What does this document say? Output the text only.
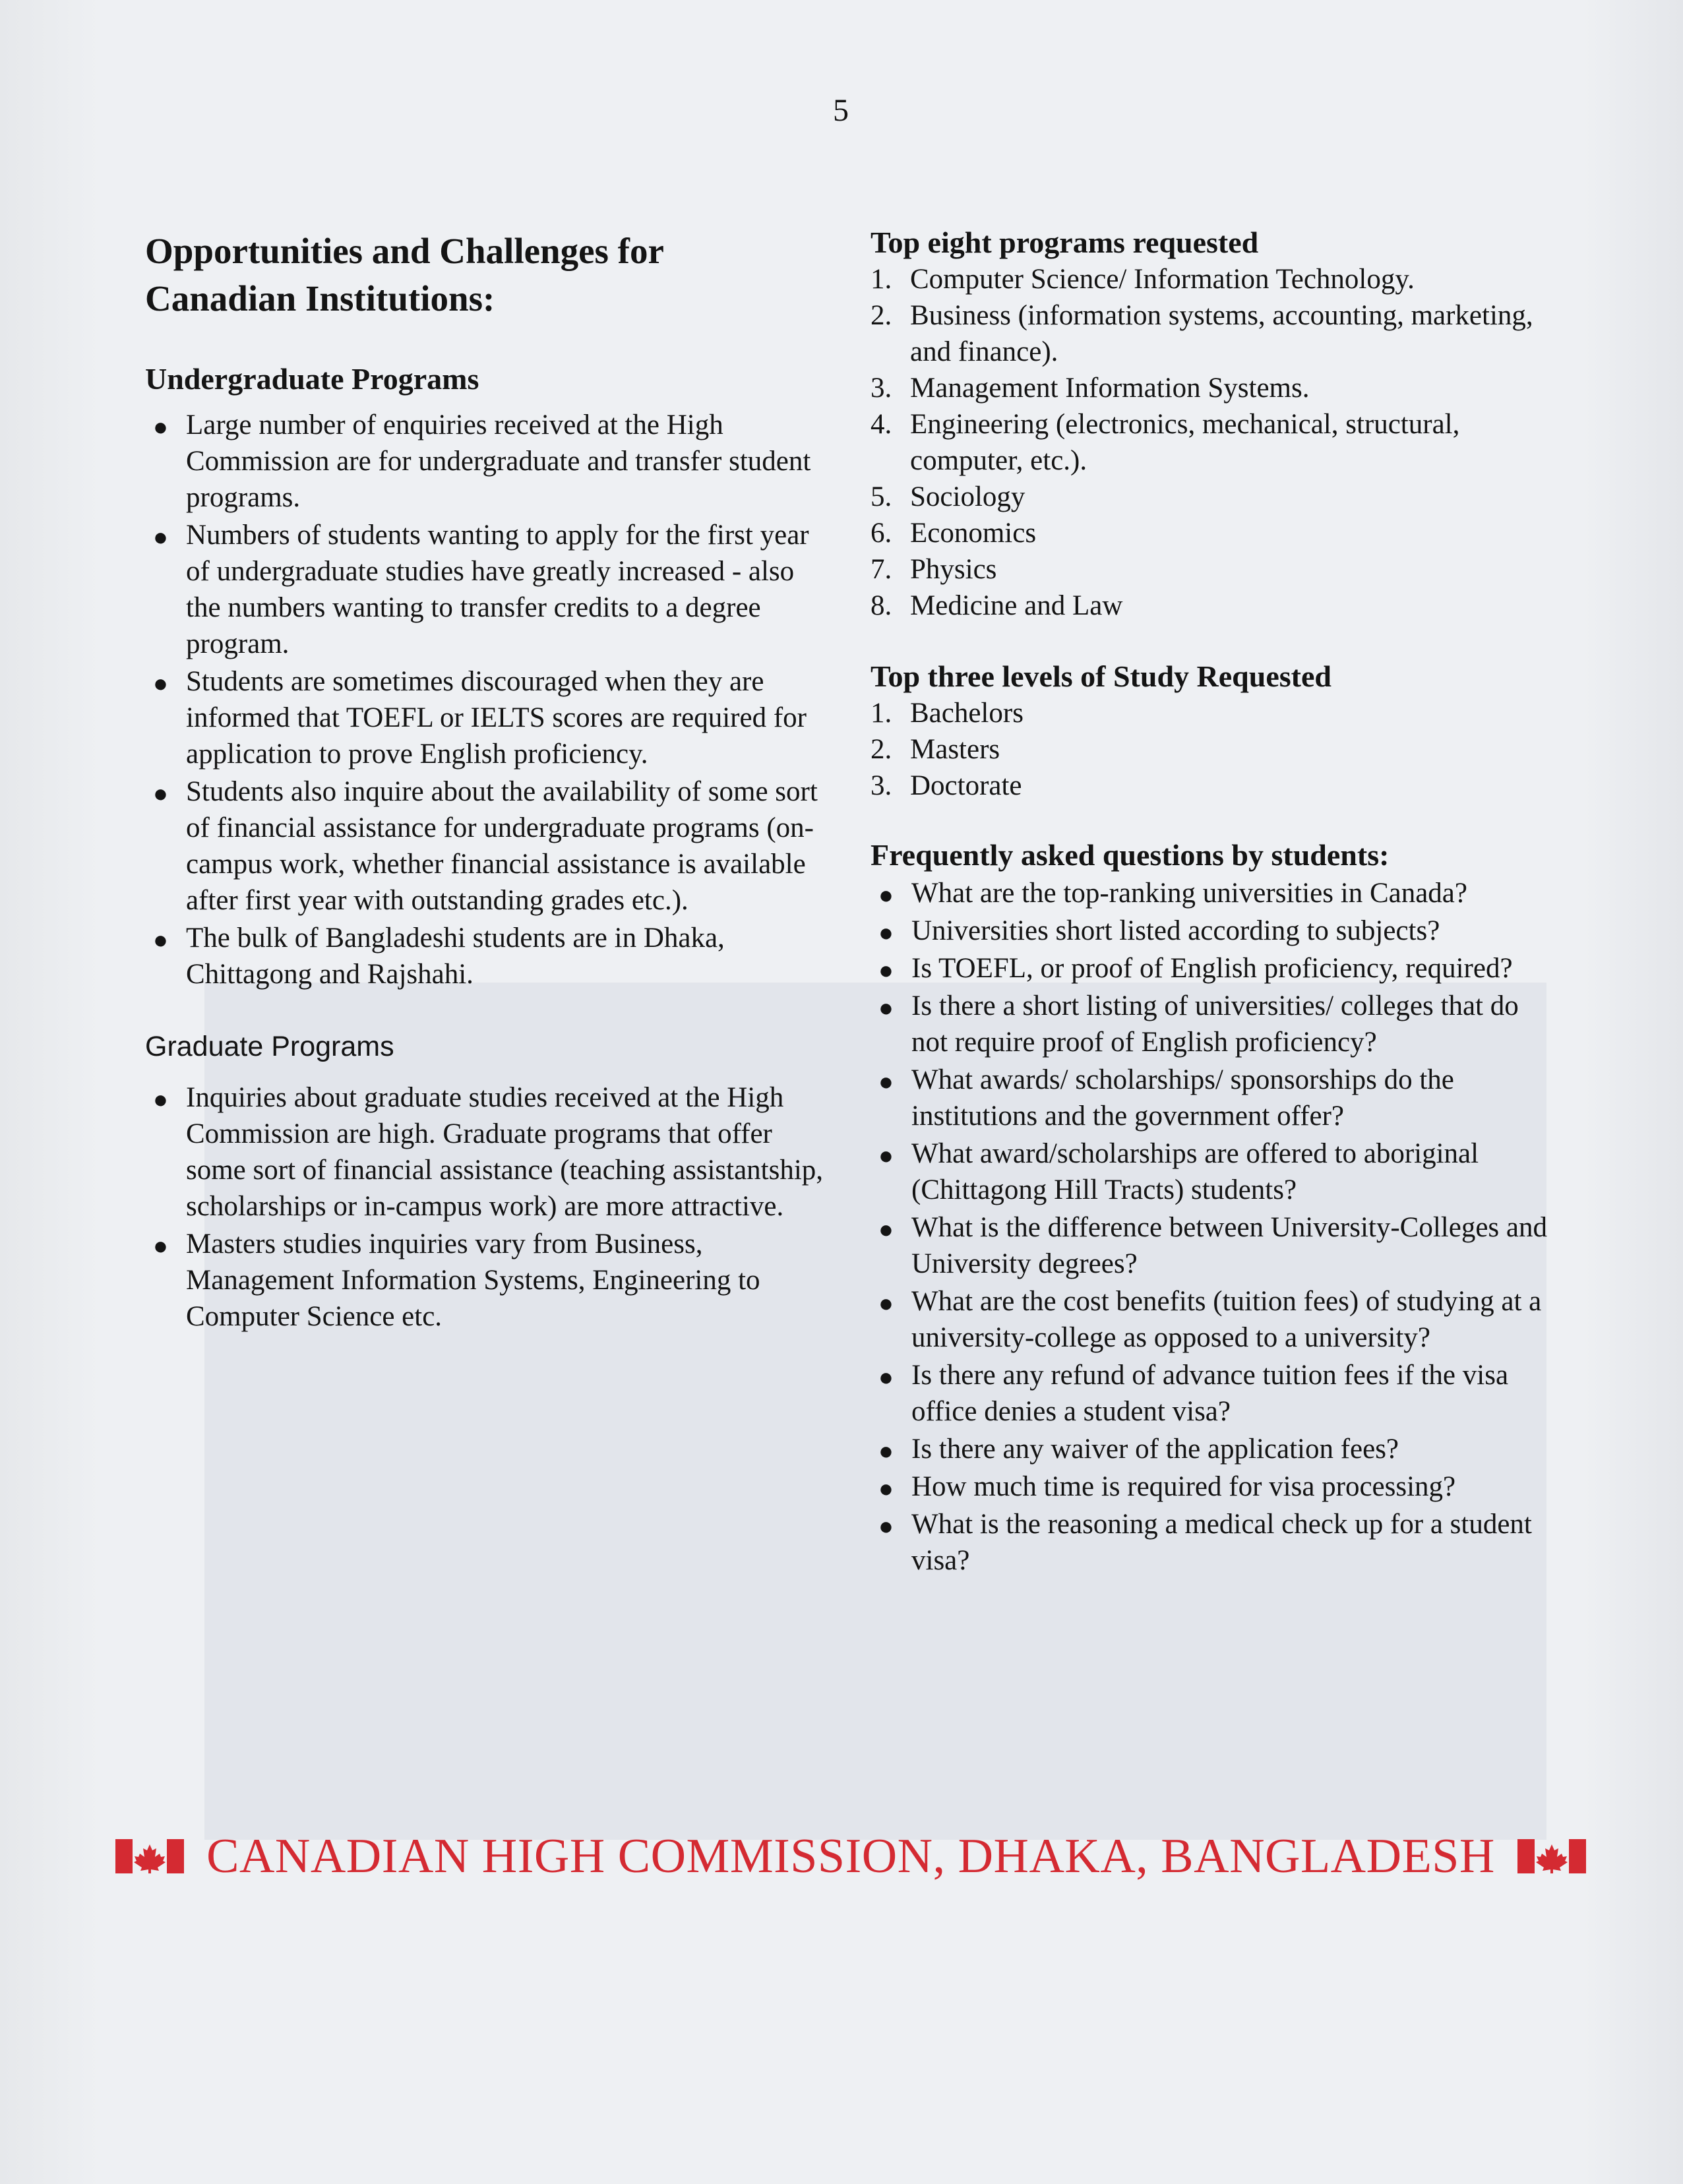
5
Opportunities and Challenges for
Canadian Institutions:
Undergraduate Programs
● Large number of enquiries received at the High Commission are for undergraduate and transfer student programs.
● Numbers of students wanting to apply for the first year of undergraduate studies have greatly increased - also the numbers wanting to transfer credits to a degree program.
● Students are sometimes discouraged when they are informed that TOEFL or IELTS scores are required for application to prove English proficiency.
● Students also inquire about the availability of some sort of financial assistance for undergraduate programs (on-campus work, whether financial assistance is available after first year with outstanding grades etc.).
● The bulk of Bangladeshi students are in Dhaka, Chittagong and Rajshahi.
Graduate Programs
● Inquiries about graduate studies received at the High Commission are high. Graduate programs that offer some sort of financial assistance (teaching assistantship, scholarships or in-campus work) are more attractive.
● Masters studies inquiries vary from Business, Management Information Systems, Engineering to Computer Science etc.
Top eight programs requested
1. Computer Science/ Information Technology.
2. Business (information systems, accounting, marketing, and finance).
3. Management Information Systems.
4. Engineering (electronics, mechanical, structural, computer, etc.).
5. Sociology
6. Economics
7. Physics
8. Medicine and Law
Top three levels of Study Requested
1. Bachelors
2. Masters
3. Doctorate
Frequently asked questions by students:
● What are the top-ranking universities in Canada?
● Universities short listed according to subjects?
● Is TOEFL, or proof of English proficiency, required?
● Is there a short listing of universities/ colleges that do not require proof of English proficiency?
● What awards/ scholarships/ sponsorships do the institutions and the government offer?
● What award/scholarships are offered to aboriginal (Chittagong Hill Tracts) students?
● What is the difference between University-Colleges and University degrees?
● What are the cost benefits (tuition fees) of studying at a university-college as opposed to a university?
● Is there any refund of advance tuition fees if the visa office denies a student visa?
● Is there any waiver of the application fees?
● How much time is required for visa processing?
● What is the reasoning a medical check up for a student visa?
CANADIAN HIGH COMMISSION, DHAKA, BANGLADESH
